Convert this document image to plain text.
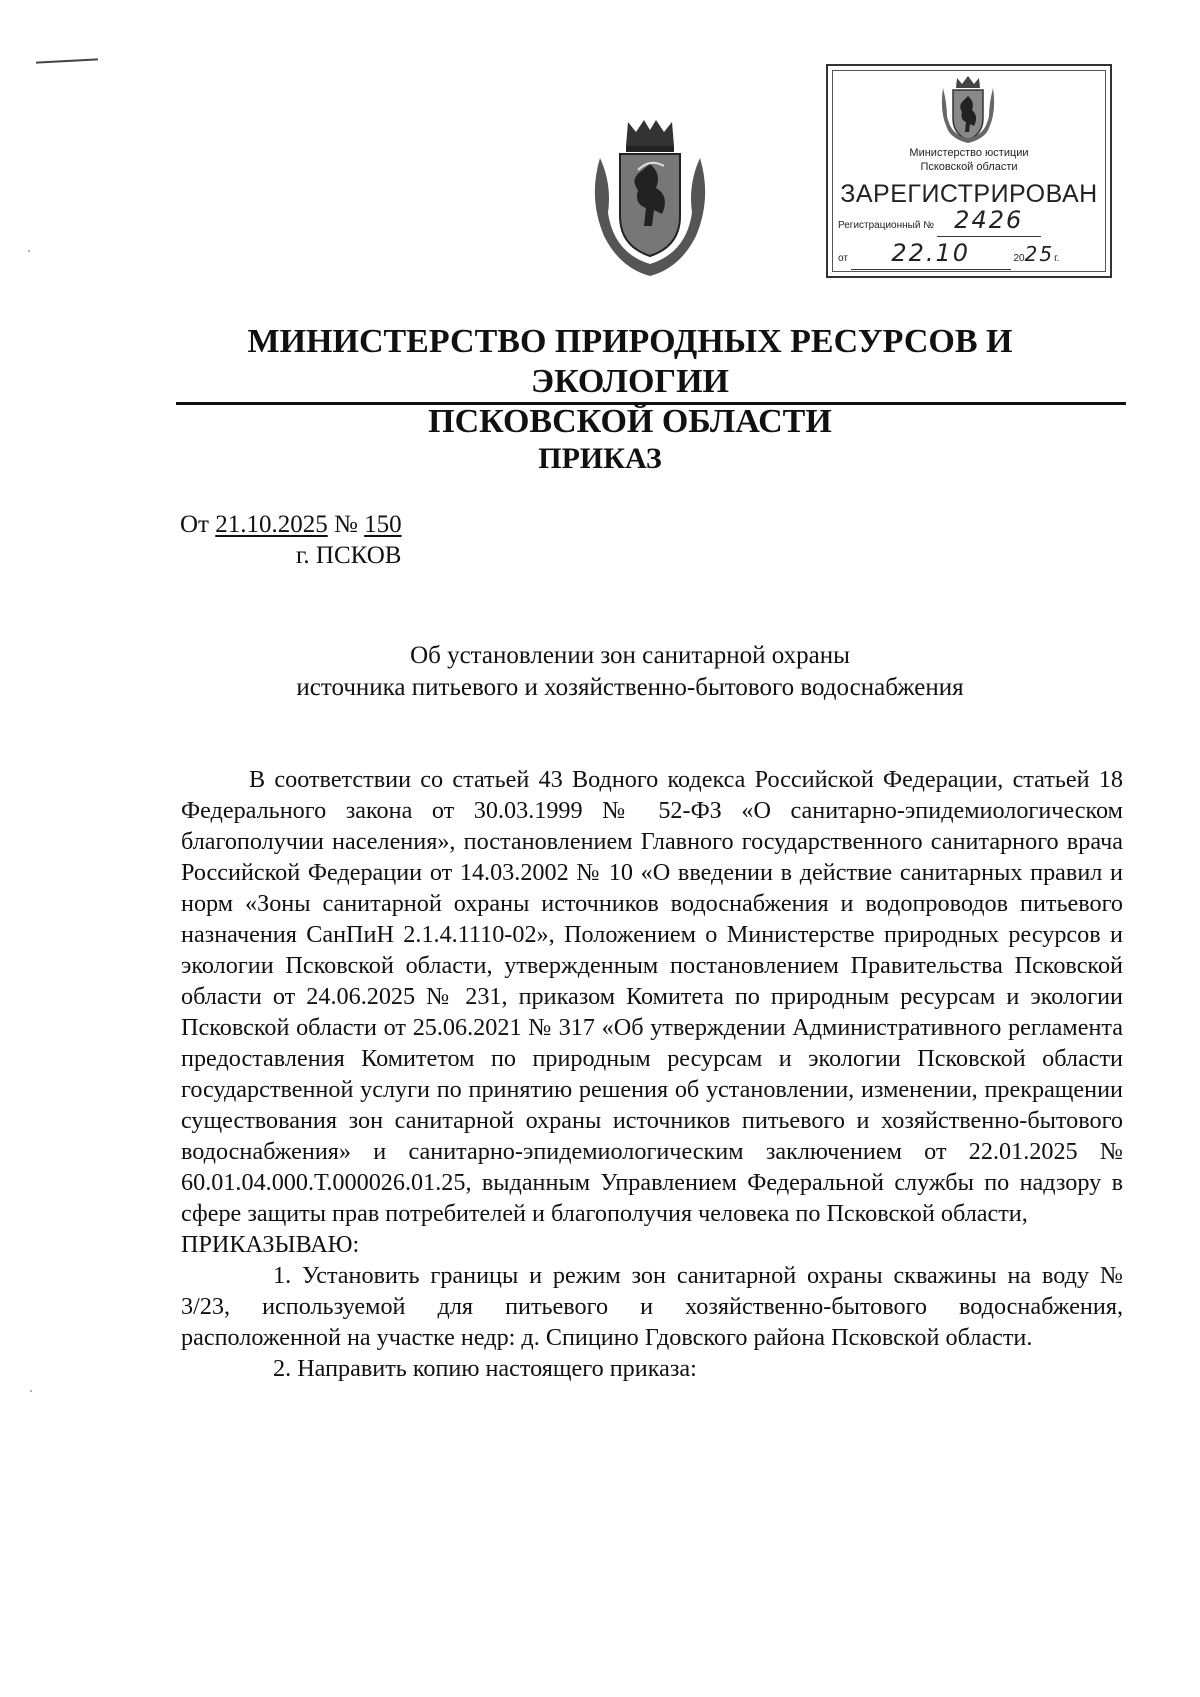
Министерство юстиции
Псковской области
ЗАРЕГИСТРИРОВАН
Регистрационный № 2426
от 22.10	2025г.
МИНИСТЕРСТВО ПРИРОДНЫХ РЕСУРСОВ И ЭКОЛОГИИ
ПСКОВСКОЙ ОБЛАСТИ
ПРИКАЗ
От 21.10.2025 № 150
г. ПСКОВ
Об установлении зон санитарной охраны
источника питьевого и хозяйственно-бытового водоснабжения

В соответствии со статьей 43 Водного кодекса Российской Федерации, статьей 18 Федерального закона от 30.03.1999 № 52-ФЗ «О санитарно-эпидемиологическом благополучии населения», постановлением Главного государственного санитарного врача Российской Федерации от 14.03.2002 № 10 «О введении в действие санитарных правил и норм «Зоны санитарной охраны источников водоснабжения и водопроводов питьевого назначения СанПиН 2.1.4.1110-02», Положением о Министерстве природных ресурсов и экологии Псковской области, утвержденным постановлением Правительства Псковской области от 24.06.2025 № 231, приказом Комитета по природным ресурсам и экологии Псковской области от 25.06.2021 № 317 «Об утверждении Административного регламента предоставления Комитетом по природным ресурсам и экологии Псковской области государственной услуги по принятию решения об установлении, изменении, прекращении существования зон санитарной охраны источников питьевого и хозяйственно-бытового водоснабжения» и санитарно-эпидемиологическим заключением от 22.01.2025 № 60.01.04.000.Т.000026.01.25, выданным Управлением Федеральной службы по надзору в сфере защиты прав потребителей и благополучия человека по Псковской области,

ПРИКАЗЫВАЮ:

1. Установить границы и режим зон санитарной охраны скважины на воду № 3/23, используемой для питьевого и хозяйственно-бытового водоснабжения, расположенной на участке недр: д. Спицино Гдовского района Псковской области.

2. Направить копию настоящего приказа:
